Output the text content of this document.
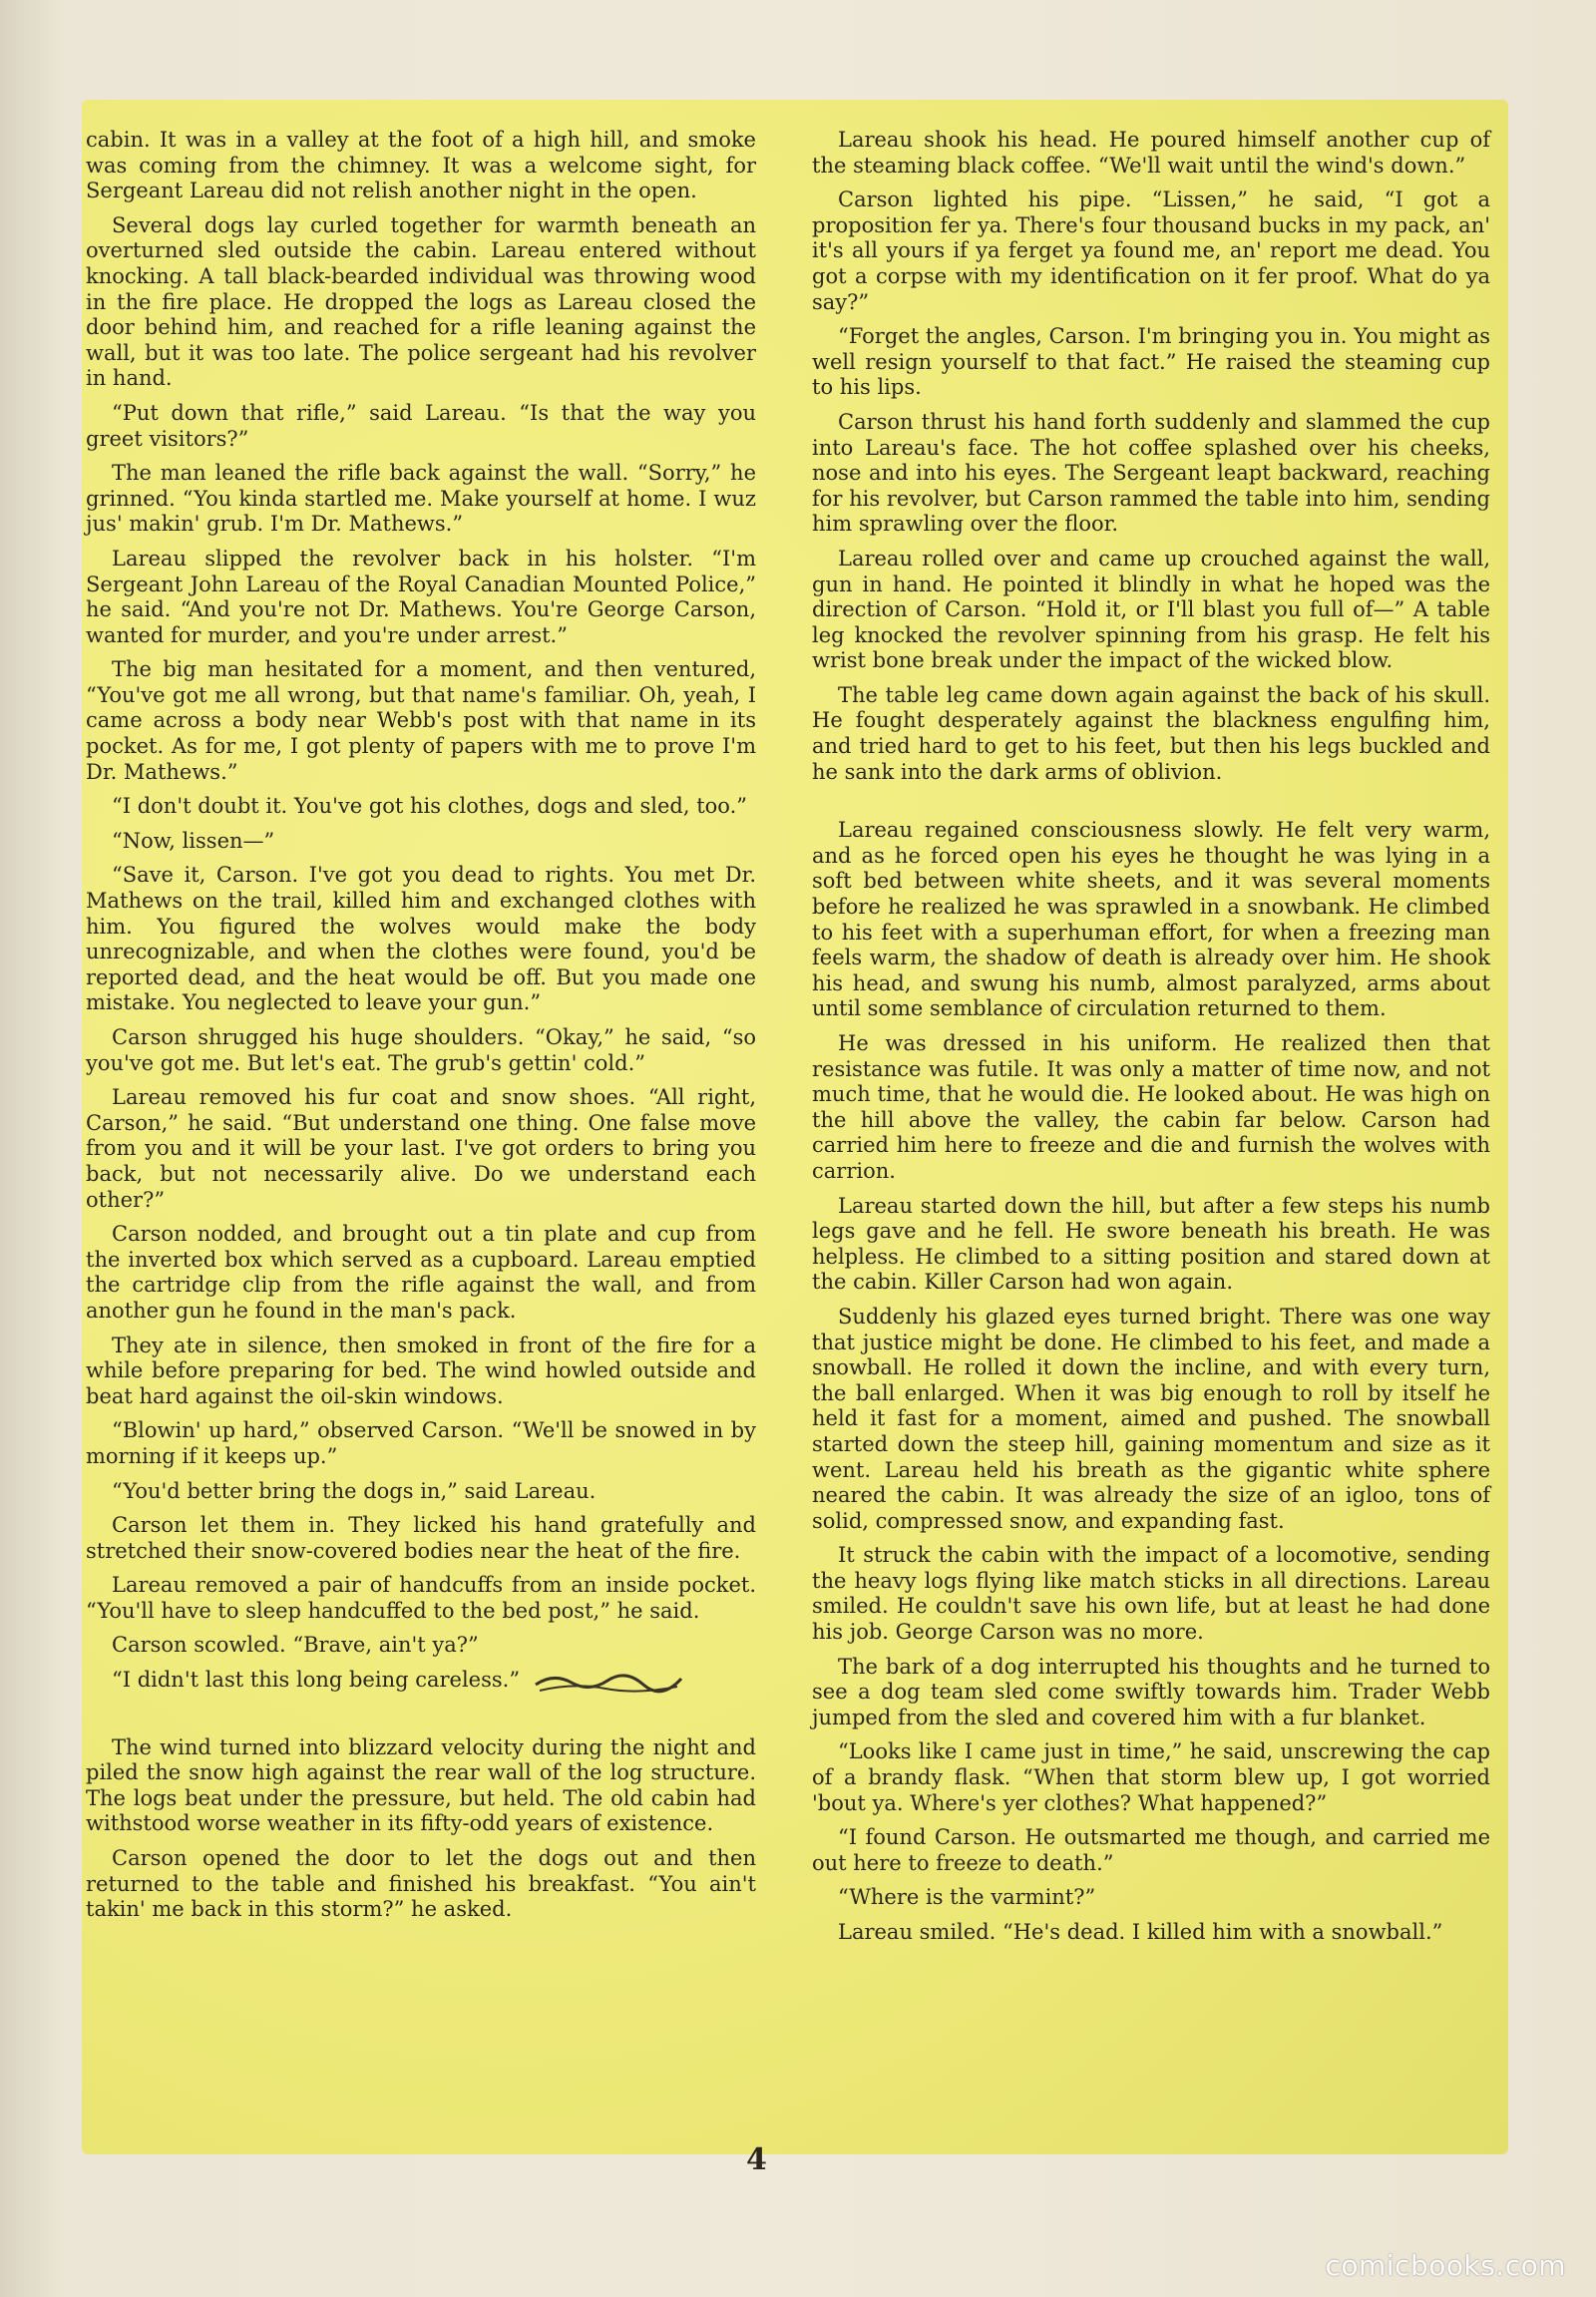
cabin. It was in a valley at the foot of a high hill, and smoke was coming from the chimney. It was a welcome sight, for Sergeant Lareau did not relish another night in the open.

Several dogs lay curled together for warmth beneath an overturned sled outside the cabin. Lareau entered without knocking. A tall black-bearded individual was throwing wood in the fire place. He dropped the logs as Lareau closed the door behind him, and reached for a rifle leaning against the wall, but it was too late. The police sergeant had his revolver in hand.

“Put down that rifle,” said Lareau. “Is that the way you greet visitors?”

The man leaned the rifle back against the wall. “Sorry,” he grinned. “You kinda startled me. Make yourself at home. I wuz jus' makin' grub. I'm Dr. Mathews.”

Lareau slipped the revolver back in his holster. “I'm Sergeant John Lareau of the Royal Canadian Mounted Police,” he said. “And you're not Dr. Mathews. You're George Carson, wanted for murder, and you're under arrest.”

The big man hesitated for a moment, and then ventured, “You've got me all wrong, but that name's familiar. Oh, yeah, I came across a body near Webb's post with that name in its pocket. As for me, I got plenty of papers with me to prove I'm Dr. Mathews.”

“I don't doubt it. You've got his clothes, dogs and sled, too.”

“Now, lissen—”

“Save it, Carson. I've got you dead to rights. You met Dr. Mathews on the trail, killed him and exchanged clothes with him. You figured the wolves would make the body unrecognizable, and when the clothes were found, you'd be reported dead, and the heat would be off. But you made one mistake. You neglected to leave your gun.”

Carson shrugged his huge shoulders. “Okay,” he said, “so you've got me. But let's eat. The grub's gettin' cold.”

Lareau removed his fur coat and snow shoes. “All right, Carson,” he said. “But understand one thing. One false move from you and it will be your last. I've got orders to bring you back, but not necessarily alive. Do we understand each other?”

Carson nodded, and brought out a tin plate and cup from the inverted box which served as a cupboard. Lareau emptied the cartridge clip from the rifle against the wall, and from another gun he found in the man's pack.

They ate in silence, then smoked in front of the fire for a while before preparing for bed. The wind howled outside and beat hard against the oil-skin windows.

“Blowin' up hard,” observed Carson. “We'll be snowed in by morning if it keeps up.”

“You'd better bring the dogs in,” said Lareau.

Carson let them in. They licked his hand gratefully and stretched their snow-covered bodies near the heat of the fire.

Lareau removed a pair of handcuffs from an inside pocket. “You'll have to sleep handcuffed to the bed post,” he said.

Carson scowled. “Brave, ain't ya?”

“I didn't last this long being careless.”

The wind turned into blizzard velocity during the night and piled the snow high against the rear wall of the log structure. The logs beat under the pressure, but held. The old cabin had withstood worse weather in its fifty-odd years of existence.

Carson opened the door to let the dogs out and then returned to the table and finished his breakfast. “You ain't takin' me back in this storm?” he asked.

Lareau shook his head. He poured himself another cup of the steaming black coffee. “We'll wait until the wind's down.”

Carson lighted his pipe. “Lissen,” he said, “I got a proposition fer ya. There's four thousand bucks in my pack, an' it's all yours if ya ferget ya found me, an' report me dead. You got a corpse with my identification on it fer proof. What do ya say?”

“Forget the angles, Carson. I'm bringing you in. You might as well resign yourself to that fact.” He raised the steaming cup to his lips.

Carson thrust his hand forth suddenly and slammed the cup into Lareau's face. The hot coffee splashed over his cheeks, nose and into his eyes. The Sergeant leapt backward, reaching for his revolver, but Carson rammed the table into him, sending him sprawling over the floor.

Lareau rolled over and came up crouched against the wall, gun in hand. He pointed it blindly in what he hoped was the direction of Carson. “Hold it, or I'll blast you full of—” A table leg knocked the revolver spinning from his grasp. He felt his wrist bone break under the impact of the wicked blow.

The table leg came down again against the back of his skull. He fought desperately against the blackness engulfing him, and tried hard to get to his feet, but then his legs buckled and he sank into the dark arms of oblivion.

Lareau regained consciousness slowly. He felt very warm, and as he forced open his eyes he thought he was lying in a soft bed between white sheets, and it was several moments before he realized he was sprawled in a snowbank. He climbed to his feet with a superhuman effort, for when a freezing man feels warm, the shadow of death is already over him. He shook his head, and swung his numb, almost paralyzed, arms about until some semblance of circulation returned to them.

He was dressed in his uniform. He realized then that resistance was futile. It was only a matter of time now, and not much time, that he would die. He looked about. He was high on the hill above the valley, the cabin far below. Carson had carried him here to freeze and die and furnish the wolves with carrion.

Lareau started down the hill, but after a few steps his numb legs gave and he fell. He swore beneath his breath. He was helpless. He climbed to a sitting position and stared down at the cabin. Killer Carson had won again.

Suddenly his glazed eyes turned bright. There was one way that justice might be done. He climbed to his feet, and made a snowball. He rolled it down the incline, and with every turn, the ball enlarged. When it was big enough to roll by itself he held it fast for a moment, aimed and pushed. The snowball started down the steep hill, gaining momentum and size as it went. Lareau held his breath as the gigantic white sphere neared the cabin. It was already the size of an igloo, tons of solid, compressed snow, and expanding fast.

It struck the cabin with the impact of a locomotive, sending the heavy logs flying like match sticks in all directions. Lareau smiled. He couldn't save his own life, but at least he had done his job. George Carson was no more.

The bark of a dog interrupted his thoughts and he turned to see a dog team sled come swiftly towards him. Trader Webb jumped from the sled and covered him with a fur blanket.

“Looks like I came just in time,” he said, unscrewing the cap of a brandy flask. “When that storm blew up, I got worried 'bout ya. Where's yer clothes? What happened?”

“I found Carson. He outsmarted me though, and carried me out here to freeze to death.”

“Where is the varmint?”

Lareau smiled. “He's dead. I killed him with a snowball.”

4
comicbooks.com
